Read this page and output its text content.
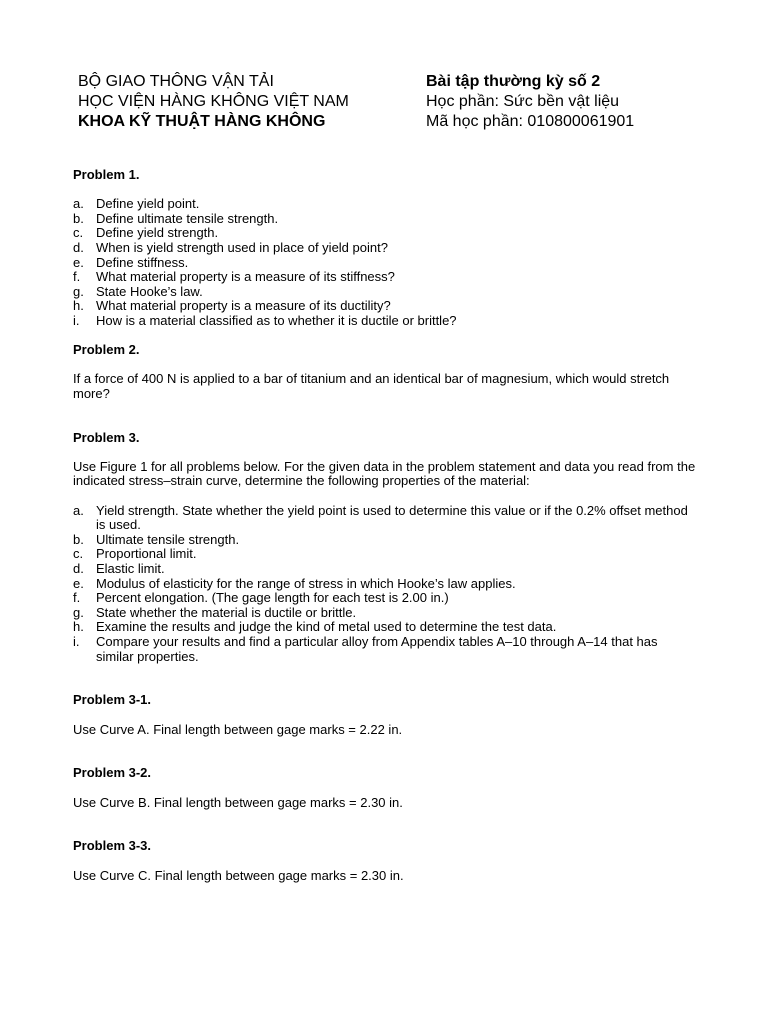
BỘ GIAO THÔNG VẬN TẢI
HỌC VIỆN HÀNG KHÔNG VIỆT NAM
KHOA KỸ THUẬT HÀNG KHÔNG
Bài tập thường kỳ số 2
Học phần: Sức bền vật liệu
Mã học phần: 010800061901

Problem 1.

a. Define yield point.
b. Define ultimate tensile strength.
c. Define yield strength.
d. When is yield strength used in place of yield point?
e. Define stiffness.
f. What material property is a measure of its stiffness?
g. State Hooke’s law.
h. What material property is a measure of its ductility?
i. How is a material classified as to whether it is ductile or brittle?

Problem 2.

If a force of 400 N is applied to a bar of titanium and an identical bar of magnesium, which would stretch more?

Problem 3.

Use Figure 1 for all problems below. For the given data in the problem statement and data you read from the indicated stress–strain curve, determine the following properties of the material:

a. Yield strength. State whether the yield point is used to determine this value or if the 0.2% offset method is used.
b. Ultimate tensile strength.
c. Proportional limit.
d. Elastic limit.
e. Modulus of elasticity for the range of stress in which Hooke’s law applies.
f. Percent elongation. (The gage length for each test is 2.00 in.)
g. State whether the material is ductile or brittle.
h. Examine the results and judge the kind of metal used to determine the test data.
i. Compare your results and find a particular alloy from Appendix tables A–10 through A–14 that has similar properties.

Problem 3-1.

Use Curve A. Final length between gage marks = 2.22 in.

Problem 3-2.

Use Curve B. Final length between gage marks = 2.30 in.

Problem 3-3.

Use Curve C. Final length between gage marks = 2.30 in.
